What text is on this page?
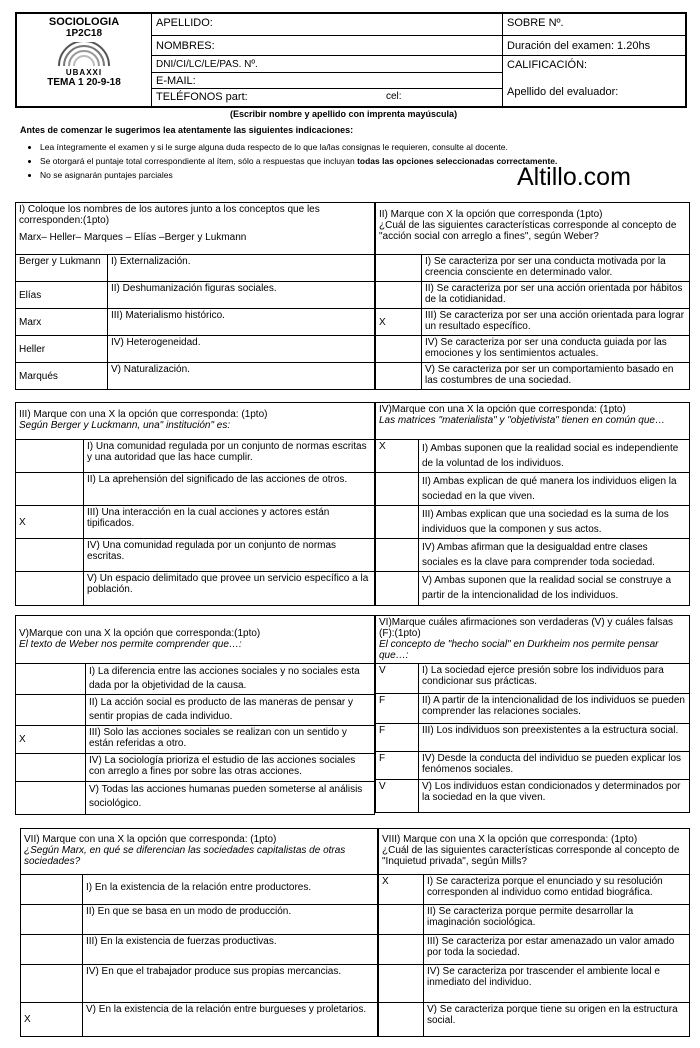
SOCIOLOGIA
1P2C18
UBAXXI
TEMA 1 20-9-18
APELLIDO:
NOMBRES:
DNI/CI/LC/LE/PAS. Nº.
E-MAIL:
TELÉFONOS part:	cel:
SOBRE Nº.
Duración del examen: 1.20hs
CALIFICACIÓN:
Apellido del evaluador:
(Escribir nombre y apellido con imprenta mayúscula)
Antes de comenzar le sugerimos lea atentamente las siguientes indicaciones:
• Lea íntegramente el examen y si le surge alguna duda respecto de lo que la/las consignas le requieren, consulte al docente.
• Se otorgará el puntaje total correspondiente al ítem, sólo a respuestas que incluyan todas las opciones seleccionadas correctamente.
• No se asignarán puntajes parciales	Altillo.com
I) Coloque los nombres de los autores junto a los conceptos que les corresponden:(1pto)
Marx– Heller– Marques – Elías –Berger y Lukmann	

Berger y Lukmann	I) Externalización.
Elías	II) Deshumanización figuras sociales.
Marx	III) Materialismo histórico.
Heller	IV) Heterogeneidad.
Marqués	V) Naturalización.
II) Marque con X la opción que corresponda (1pto)
¿Cuál de las siguientes características corresponde al concepto de "acción social con arreglo a fines", según Weber?	

	I) Se caracteriza por ser una conducta motivada por la creencia consciente en determinado valor.
	II) Se caracteriza por ser una acción orientada por hábitos de la cotidianidad.
X	III) Se caracteriza por ser una acción orientada para lograr un resultado específico.
	IV) Se caracteriza por ser una conducta guiada por las emociones y los sentimientos actuales.
	V) Se caracteriza por ser un comportamiento basado en las costumbres de una sociedad.
III) Marque con una X la opción que corresponda: (1pto)
Según Berger y Luckmann, una" institución" es:	

	I) Una comunidad regulada por un conjunto de normas escritas y una autoridad que las hace cumplir.
	II) La aprehensión del significado de las acciones de otros.
X	III) Una interacción en la cual acciones y actores están tipificados.
	IV) Una comunidad regulada por un conjunto de normas escritas.
	V) Un espacio delimitado que provee un servicio específico a la población.
IV)Marque con una X la opción que corresponda: (1pto)
Las matrices "materialista" y "objetivista" tienen en común que…	

X	I) Ambas suponen que la realidad social es independiente de la voluntad de los individuos.
	II) Ambas explican de qué manera los individuos eligen la sociedad en la que viven.
	III) Ambas explican que una sociedad es la suma de los individuos que la componen y sus actos.
	IV) Ambas afirman que la desigualdad entre clases sociales es la clave para comprender toda sociedad.
	V) Ambas suponen que la realidad social se construye a partir de la intencionalidad de los individuos.
V)Marque con una X la opción que corresponda:(1pto)
El texto de Weber nos permite comprender que…:	

	I) La diferencia entre las acciones sociales y no sociales esta dada por la objetividad de la causa.
	II) La acción social es producto de las maneras de pensar y sentir propias de cada individuo.
X	III) Solo las acciones sociales se realizan con un sentido y están referidas a otro.
	IV) La sociología prioriza el estudio de las acciones sociales con arreglo a fines por sobre las otras acciones.
	V) Todas las acciones humanas pueden someterse al análisis sociológico.
VI)Marque cuáles afirmaciones son verdaderas (V) y cuáles falsas (F):(1pto)
El concepto de "hecho social" en Durkheim nos permite pensar que…:	

V	I) La sociedad ejerce presión sobre los individuos para condicionar sus prácticas.
F	II) A partir de la intencionalidad de los individuos se pueden comprender las relaciones sociales.
F	III) Los individuos son preexistentes a la estructura social.
F	IV) Desde la conducta del individuo se pueden explicar los fenómenos sociales.
V	V) Los individuos estan condicionados y determinados por la sociedad en la que viven.
VII) Marque con una X la opción que corresponda: (1pto)
¿Según Marx, en qué se diferencian las sociedades capitalistas de otras sociedades?	

	I) En la existencia de la relación entre productores.
	II) En que se basa en un modo de producción.
	III) En la existencia de fuerzas productivas.
	IV) En que el trabajador produce sus propias mercancias.
X	V) En la existencia de la relación entre burgueses y proletarios.
VIII) Marque con una X la opción que corresponda: (1pto)
¿Cuál de las siguientes características corresponde al concepto de "Inquietud privada", según Mills?	

X	I) Se caracteriza porque el enunciado y su resolución corresponden al individuo como entidad biográfica.
	II) Se caracteriza porque permite desarrollar la imaginación sociológica.
	III) Se caracteriza por estar amenazado un valor amado por toda la sociedad.
	IV) Se caracteriza por trascender el ambiente local e inmediato del individuo.
	V) Se caracteriza porque tiene su origen en la estructura social.
